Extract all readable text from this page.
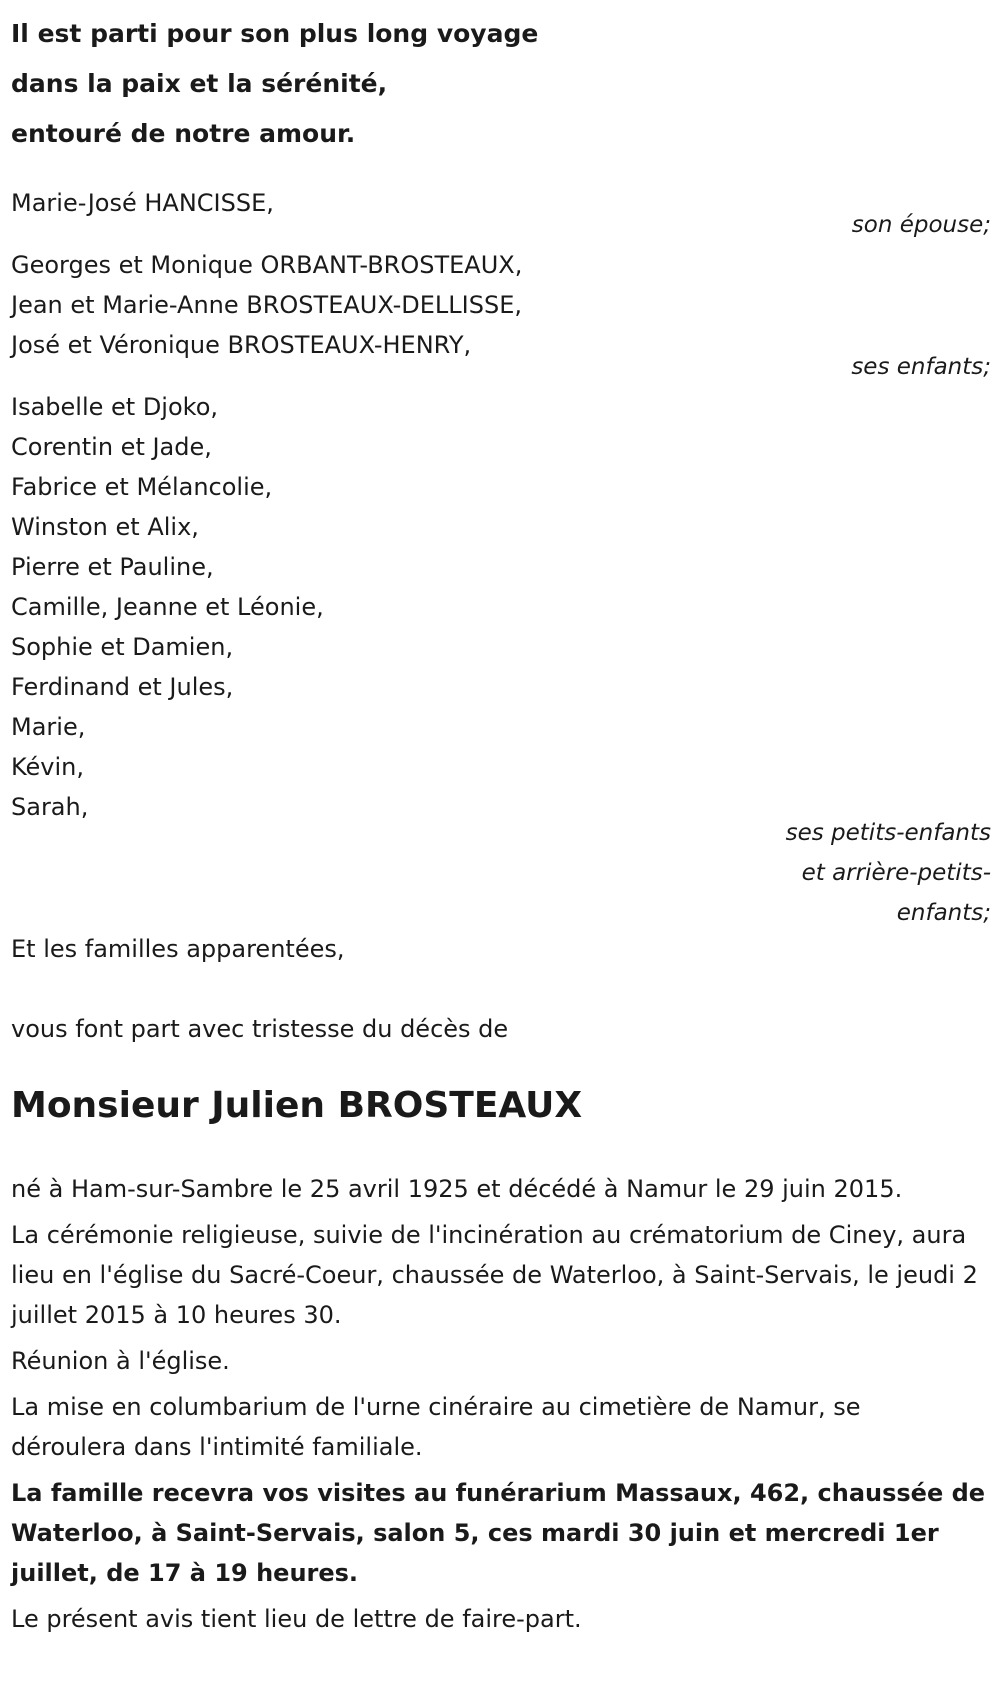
Il est parti pour son plus long voyage
dans la paix et la sérénité,
entouré de notre amour.

Marie-José HANCISSE,
son épouse;
Georges et Monique ORBANT-BROSTEAUX,
Jean et Marie-Anne BROSTEAUX-DELLISSE,
José et Véronique BROSTEAUX-HENRY,
ses enfants;
Isabelle et Djoko,
Corentin et Jade,
Fabrice et Mélancolie,
Winston et Alix,
Pierre et Pauline,
Camille, Jeanne et Léonie,
Sophie et Damien,
Ferdinand et Jules,
Marie,
Kévin,
Sarah,
ses petits-enfants
et arrière-petits-
enfants;
Et les familles apparentées,
vous font part avec tristesse du décès de
Monsieur Julien BROSTEAUX

né à Ham-sur-Sambre le 25 avril 1925 et décédé à Namur le 29 juin 2015.

La cérémonie religieuse, suivie de l'incinération au crématorium de Ciney, aura lieu en l'église du Sacré-Coeur, chaussée de Waterloo, à Saint-Servais, le jeudi 2 juillet 2015 à 10 heures 30.

Réunion à l'église.

La mise en columbarium de l'urne cinéraire au cimetière de Namur, se déroulera dans l'intimité familiale.

La famille recevra vos visites au funérarium Massaux, 462, chaussée de Waterloo, à Saint-Servais, salon 5, ces mardi 30 juin et mercredi 1er juillet, de 17 à 19 heures.

Le présent avis tient lieu de lettre de faire-part.
